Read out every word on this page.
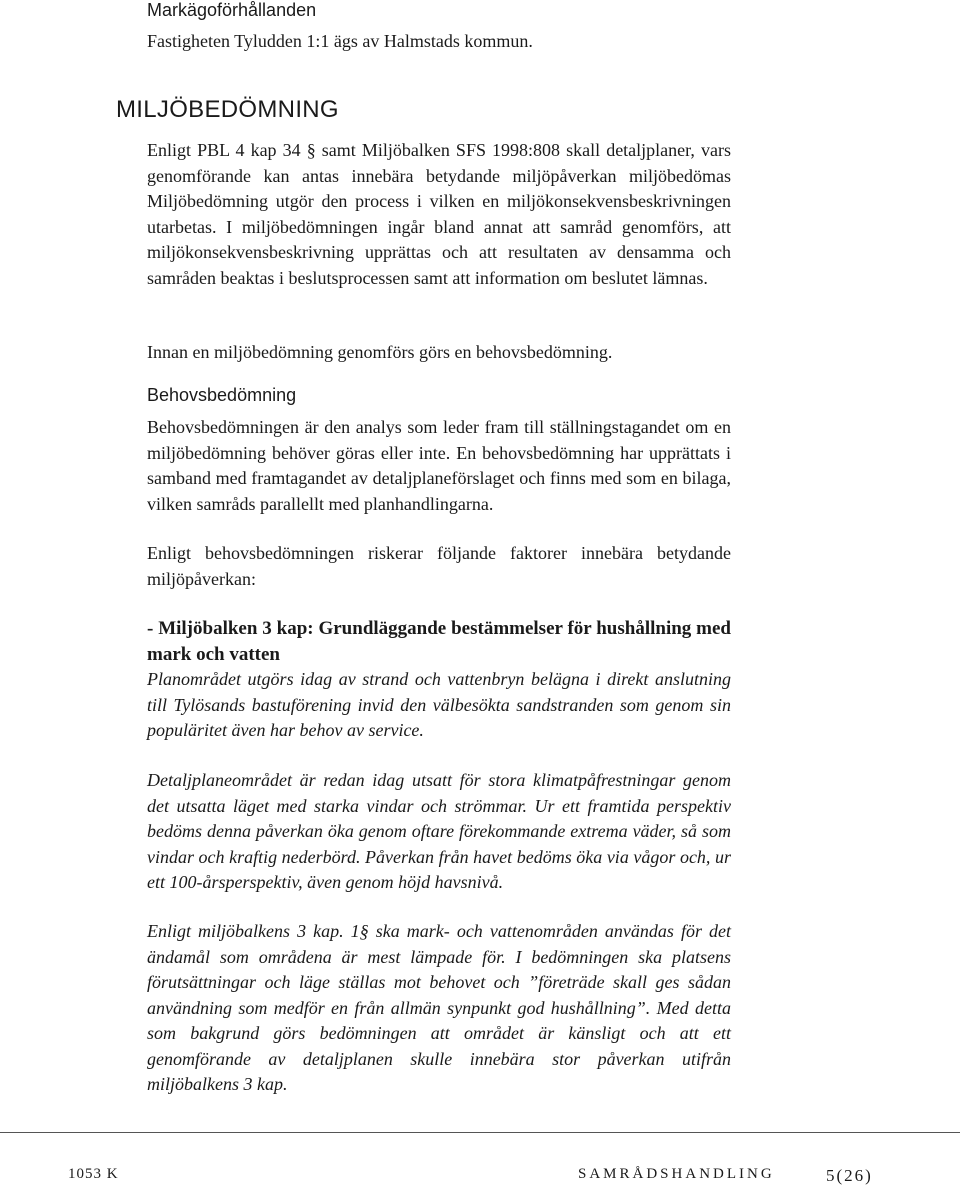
Markägoförhållanden
Fastigheten Tyludden 1:1 ägs av Halmstads kommun.
MILJÖBEDÖMNING
Enligt PBL 4 kap 34 § samt Miljöbalken SFS 1998:808 skall detaljplaner, vars genomförande kan antas innebära betydande miljöpåverkan miljöbedömas Miljöbedömning utgör den process i vilken en miljökonsekvensbeskrivningen utarbetas. I miljöbedömningen ingår bland annat att samråd genomförs, att miljökonsekvensbeskrivning upprättas och att resultaten av densamma och samråden beaktas i beslutsprocessen samt att information om beslutet lämnas.
Innan en miljöbedömning genomförs görs en behovsbedömning.
Behovsbedömning
Behovsbedömningen är den analys som leder fram till ställningstagandet om en miljöbedömning behöver göras eller inte. En behovsbedömning har upprättats i samband med framtagandet av detaljplaneförslaget och finns med som en bilaga, vilken samråds parallellt med planhandlingarna.
Enligt behovsbedömningen riskerar följande faktorer innebära betydande miljöpåverkan:
- Miljöbalken 3 kap: Grundläggande bestämmelser för hushållning med mark och vatten
Planområdet utgörs idag av strand och vattenbryn belägna i direkt anslutning till Tylösands bastuförening invid den välbesökta sandstranden som genom sin populäritet även har behov av service.
Detaljplaneområdet är redan idag utsatt för stora klimatpåfrestningar genom det utsatta läget med starka vindar och strömmar. Ur ett framtida perspektiv bedöms denna påverkan öka genom oftare förekommande extrema väder, så som vindar och kraftig nederbörd. Påverkan från havet bedöms öka via vågor och, ur ett 100-årsperspektiv, även genom höjd havsnivå.
Enligt miljöbalkens 3 kap. 1§ ska mark- och vattenområden användas för det ändamål som områdena är mest lämpade för. I bedömningen ska platsens förutsättningar och läge ställas mot behovet och ”företräde skall ges sådan användning som medför en från allmän synpunkt god hushållning”. Med detta som bakgrund görs bedömningen att området är känsligt och att ett genomförande av detaljplanen skulle innebära stor påverkan utifrån miljöbalkens 3 kap.
1053 K	SAMRÅDSHANDLING	5(26)
